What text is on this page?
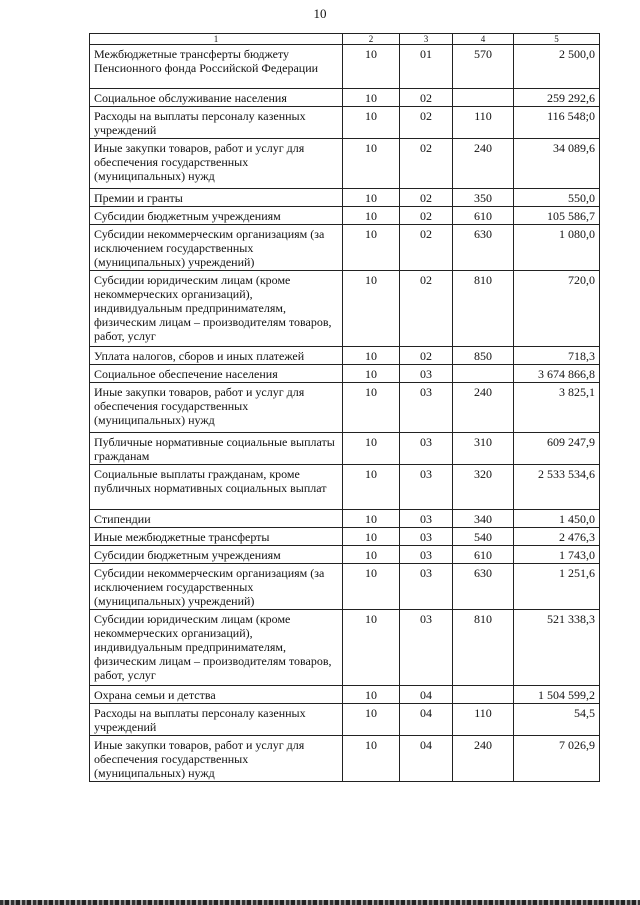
10
1	2	3	4	5
Межбюджетные трансферты бюджету Пенсионного фонда Российской Федерации	10	01	570	2 500,0
Социальное обслуживание населения	10	02		259 292,6
Расходы на выплаты персоналу казенных учреждений	10	02	110	116 548;0
Иные закупки товаров, работ и услуг для обеспечения государственных (муниципальных) нужд	10	02	240	34 089,6
Премии и гранты	10	02	350	550,0
Субсидии бюджетным учреждениям	10	02	610	105 586,7
Субсидии некоммерческим организациям (за исключением государственных (муниципальных) учреждений)	10	02	630	1 080,0
Субсидии юридическим лицам (кроме некоммерческих организаций), индивидуальным предпринимателям, физическим лицам – производителям товаров, работ, услуг	10	02	810	720,0
Уплата налогов, сборов и иных платежей	10	02	850	718,3
Социальное обеспечение населения	10	03		3 674 866,8
Иные закупки товаров, работ и услуг для обеспечения государственных (муниципальных) нужд	10	03	240	3 825,1
Публичные нормативные социальные выплаты гражданам	10	03	310	609 247,9
Социальные выплаты гражданам, кроме публичных нормативных социальных выплат	10	03	320	2 533 534,6
Стипендии	10	03	340	1 450,0
Иные межбюджетные трансферты	10	03	540	2 476,3
Субсидии бюджетным учреждениям	10	03	610	1 743,0
Субсидии некоммерческим организациям (за исключением государственных (муниципальных) учреждений)	10	03	630	1 251,6
Субсидии юридическим лицам (кроме некоммерческих организаций), индивидуальным предпринимателям, физическим лицам – производителям товаров, работ, услуг	10	03	810	521 338,3
Охрана семьи и детства	10	04		1 504 599,2
Расходы на выплаты персоналу казенных учреждений	10	04	110	54,5
Иные закупки товаров, работ и услуг для обеспечения государственных (муниципальных) нужд	10	04	240	7 026,9
